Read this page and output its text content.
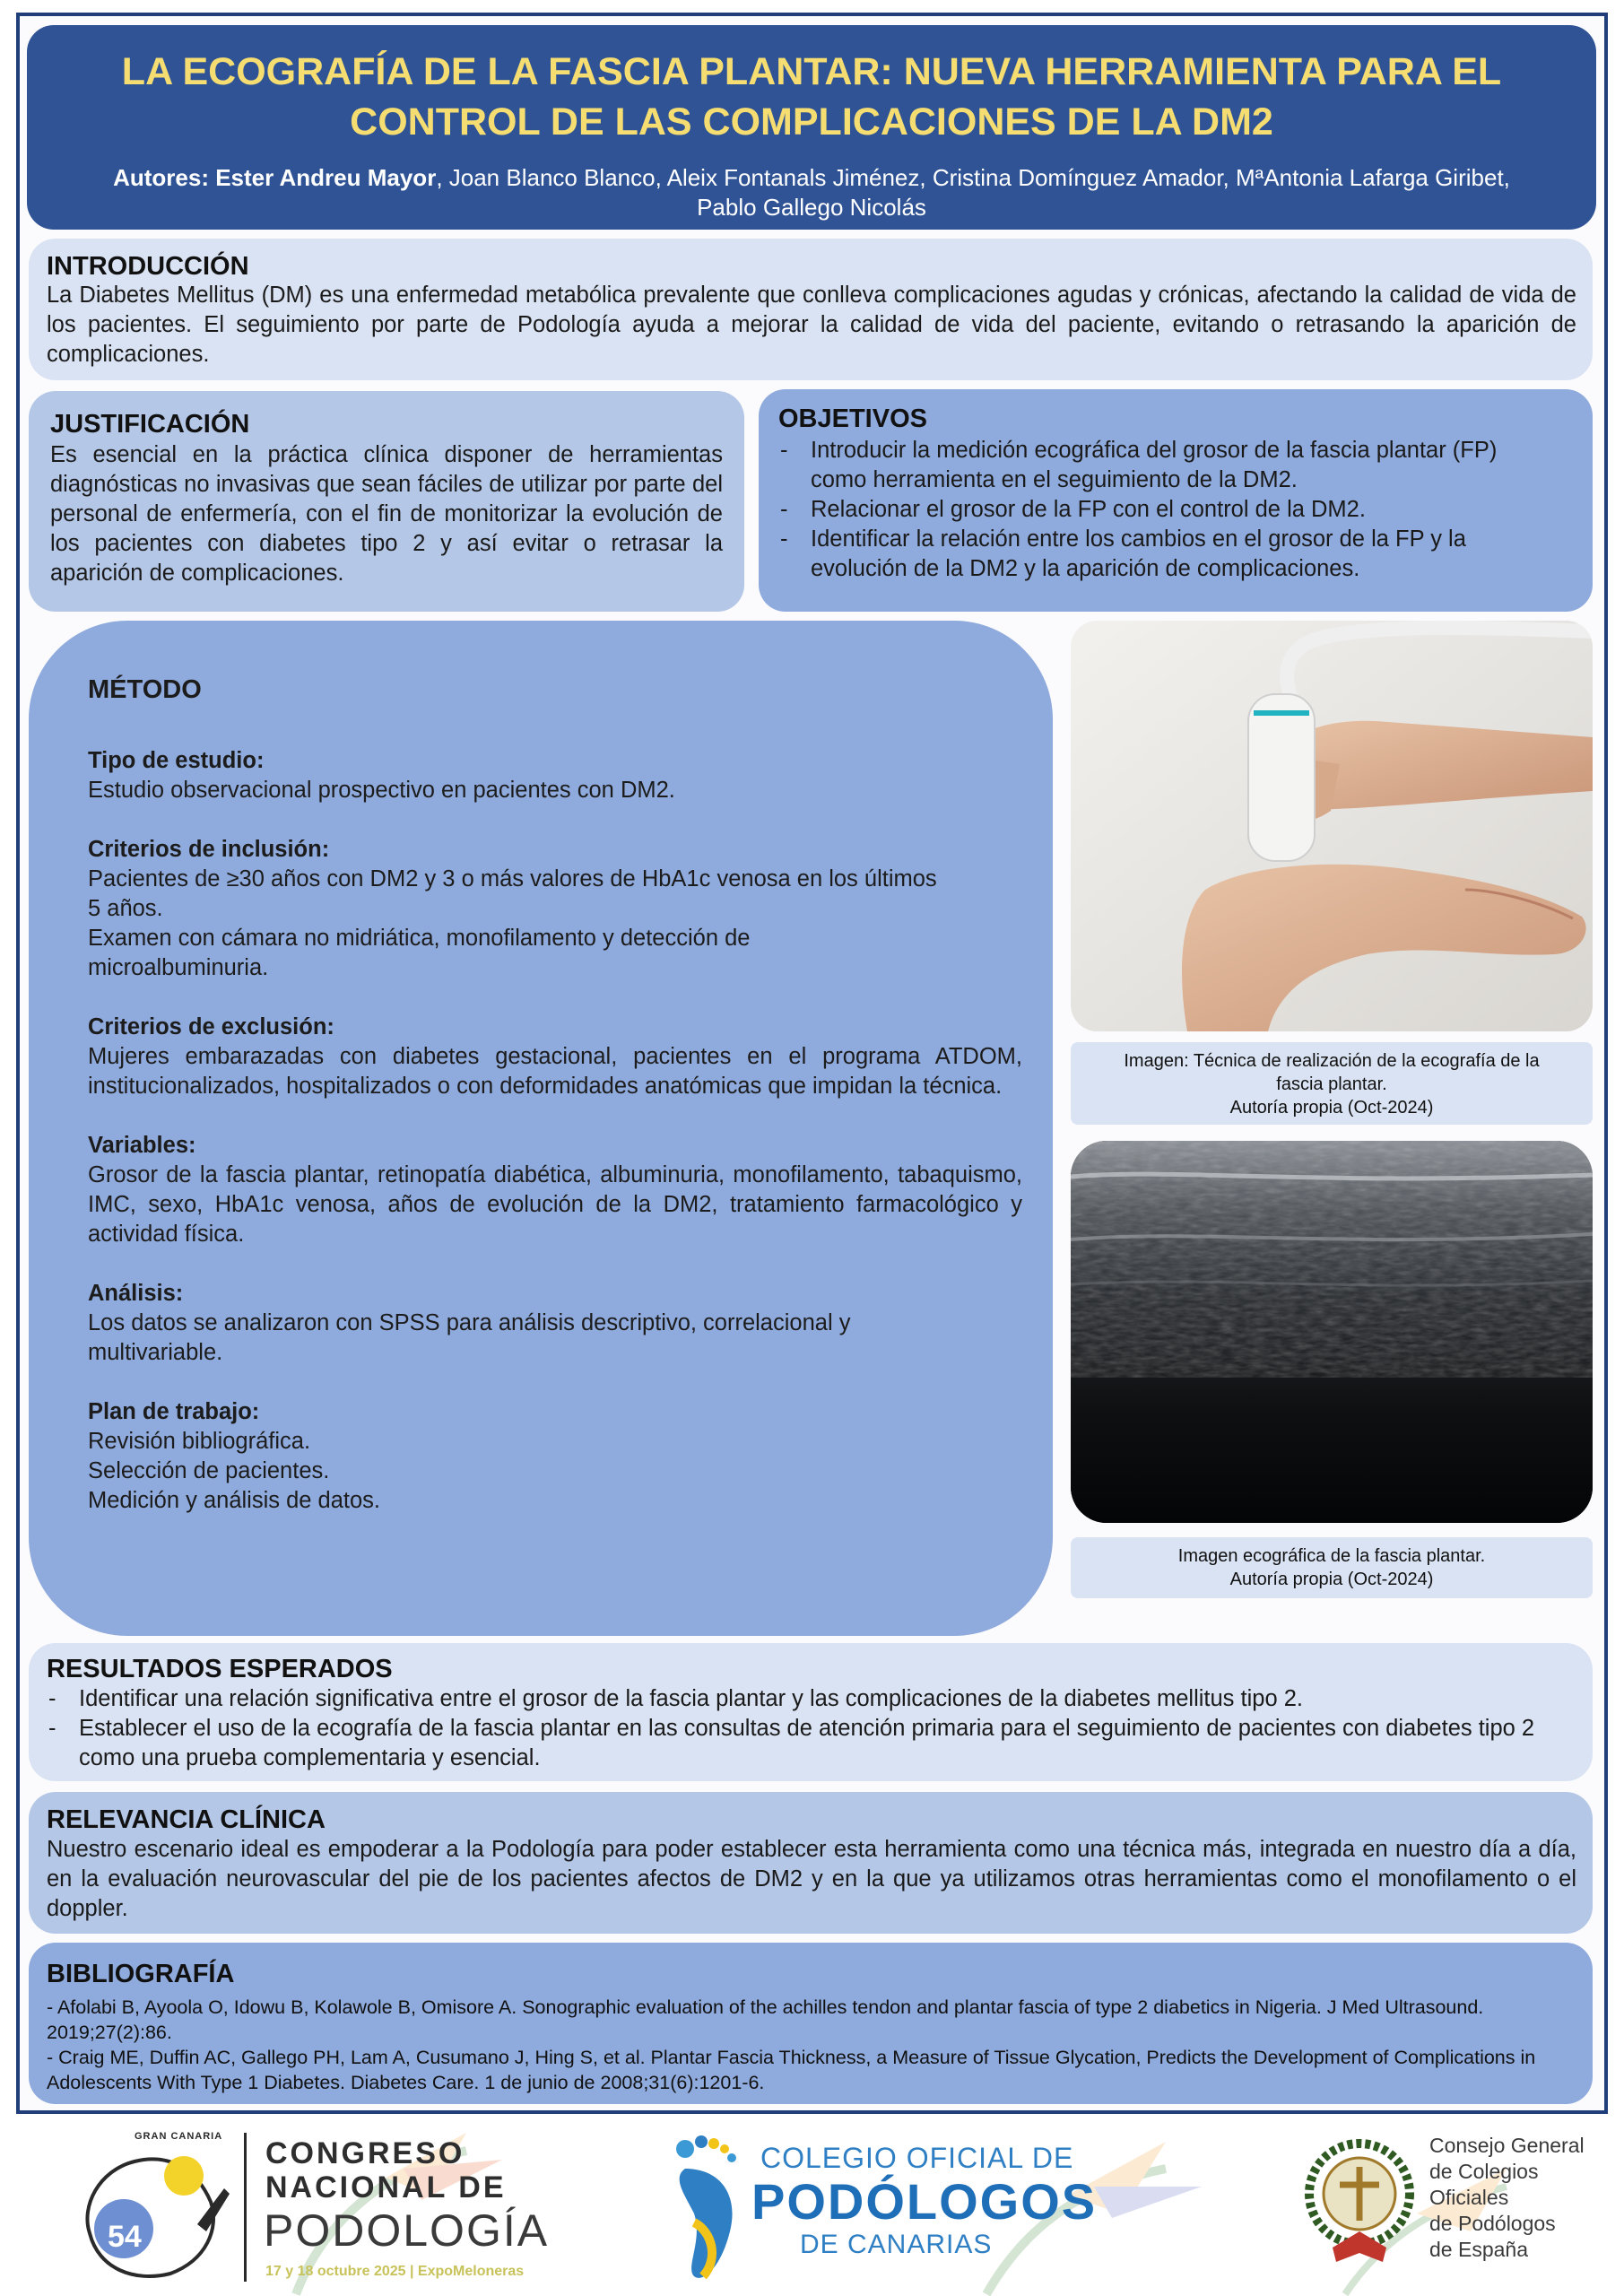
LA ECOGRAFÍA DE LA FASCIA PLANTAR: NUEVA HERRAMIENTA PARA EL
CONTROL DE LAS COMPLICACIONES DE LA DM2
Autores: Ester Andreu Mayor, Joan Blanco Blanco, Aleix Fontanals Jiménez, Cristina Domínguez Amador, MªAntonia Lafarga Giribet,
Pablo Gallego Nicolás
INTRODUCCIÓN

La Diabetes Mellitus (DM) es una enfermedad metabólica prevalente que conlleva complicaciones agudas y crónicas, afectando la calidad de vida de los pacientes. El seguimiento por parte de Podología ayuda a mejorar la calidad de vida del paciente, evitando o retrasando la aparición de complicaciones.

JUSTIFICACIÓN

Es esencial en la práctica clínica disponer de herramientas diagnósticas no invasivas que sean fáciles de utilizar por parte del personal de enfermería, con el fin de monitorizar la evolución de los pacientes con diabetes tipo 2 y así evitar o retrasar la aparición de complicaciones.

OBJETIVOS
- Introducir la medición ecográfica del grosor de la fascia plantar (FP) como herramienta en el seguimiento de la DM2.
- Relacionar el grosor de la FP con el control de la DM2.
- Identificar la relación entre los cambios en el grosor de la FP y la evolución de la DM2 y la aparición de complicaciones.
MÉTODO
Tipo de estudio:

Estudio observacional prospectivo en pacientes con DM2.

Criterios de inclusión:

Pacientes de ≥30 años con DM2 y 3 o más valores de HbA1c venosa en los últimos 5 años.

Examen con cámara no midriática, monofilamento y detección de microalbuminuria.

Criterios de exclusión:

Mujeres embarazadas con diabetes gestacional, pacientes en el programa ATDOM, institucionalizados, hospitalizados o con deformidades anatómicas que impidan la técnica.

Variables:

Grosor de la fascia plantar, retinopatía diabética, albuminuria, monofilamento, tabaquismo, IMC, sexo, HbA1c venosa, años de evolución de la DM2, tratamiento farmacológico y actividad física.

Análisis:

Los datos se analizaron con SPSS para análisis descriptivo, correlacional y multivariable.

Plan de trabajo:

Revisión bibliográfica.

Selección de pacientes.

Medición y análisis de datos.

Imagen: Técnica de realización de la ecografía de la
fascia plantar.
Autoría propia (Oct-2024)
Imagen ecográfica de la fascia plantar.
Autoría propia (Oct-2024)
RESULTADOS ESPERADOS
- Identificar una relación significativa entre el grosor de la fascia plantar y las complicaciones de la diabetes mellitus tipo 2.
- Establecer el uso de la ecografía de la fascia plantar en las consultas de atención primaria para el seguimiento de pacientes con diabetes tipo 2 como una prueba complementaria y esencial.
RELEVANCIA CLÍNICA

Nuestro escenario ideal es empoderar a la Podología para poder establecer esta herramienta como una técnica más, integrada en nuestro día a día, en la evaluación neurovascular del pie de los pacientes afectos de DM2 y en la que ya utilizamos otras herramientas como el monofilamento o el doppler.

BIBLIOGRAFÍA
- Afolabi B, Ayoola O, Idowu B, Kolawole B, Omisore A. Sonographic evaluation of the achilles tendon and plantar fascia of type 2 diabetics in Nigeria. J Med Ultrasound. 2019;27(2):86.
- Craig ME, Duffin AC, Gallego PH, Lam A, Cusumano J, Hing S, et al. Plantar Fascia Thickness, a Measure of Tissue Glycation, Predicts the Development of Complications in Adolescents With Type 1 Diabetes. Diabetes Care. 1 de junio de 2008;31(6):1201-6.
54
GRAN CANARIA CONGRESO
NACIONAL DE
PODOLOGÍA
17 y 18 octubre 2025 | ExpoMeloneras
COLEGIO OFICIAL DE
PODÓLOGOS
DE CANARIAS
Consejo General
de Colegios
Oficiales
de Podólogos
de España
